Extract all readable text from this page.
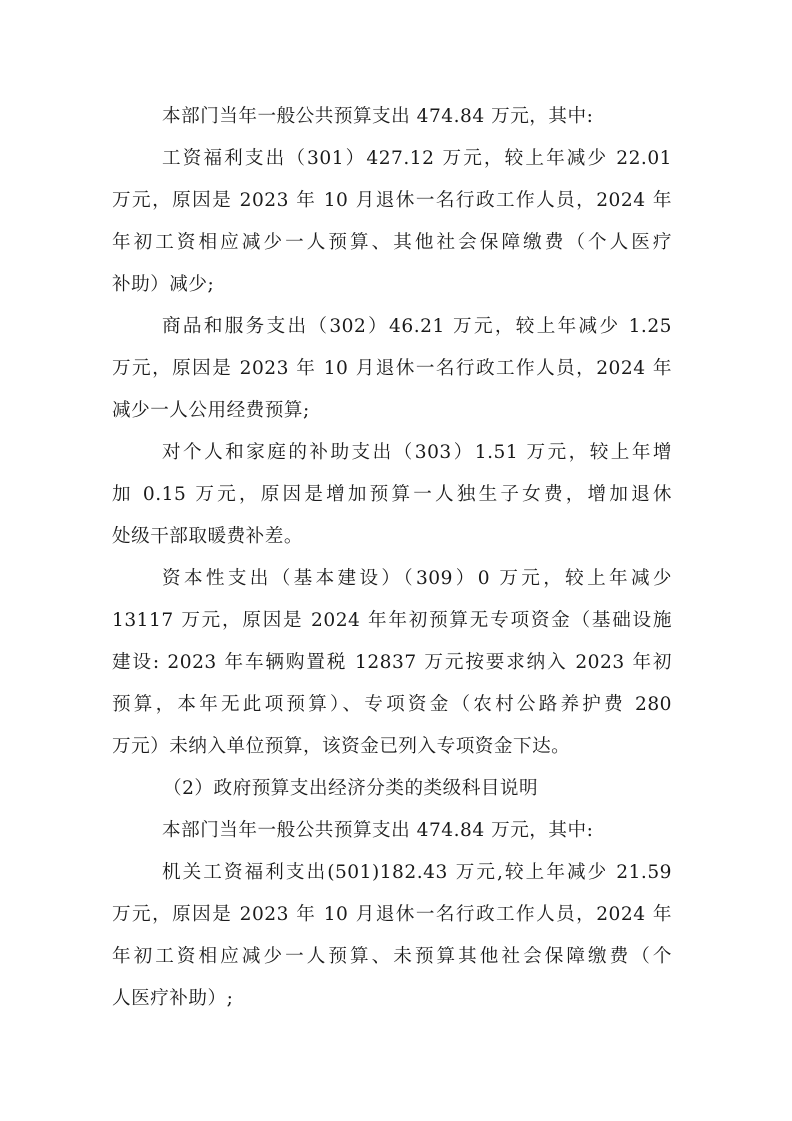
本部门当年一般公共预算支出 474.84 万元，其中:
工资福利支出（301）427.12 万元，较上年减少 22.01
万元，原因是 2023 年 10 月退休一名行政工作人员，2024 年
年初工资相应减少一人预算、其他社会保障缴费（个人医疗
补助）减少;
商品和服务支出（302）46.21 万元，较上年减少 1.25
万元，原因是 2023 年 10 月退休一名行政工作人员，2024 年
减少一人公用经费预算;
对个人和家庭的补助支出（303）1.51 万元，较上年增
加 0.15 万元，原因是增加预算一人独生子女费，增加退休
处级干部取暖费补差。
资本性支出（基本建设）（309）0 万元，较上年减少
13117 万元，原因是 2024 年年初预算无专项资金（基础设施
建设: 2023 年车辆购置税 12837 万元按要求纳入 2023 年初
预算，本年无此项预算）、专项资金（农村公路养护费 280
万元）未纳入单位预算，该资金已列入专项资金下达。
（2）政府预算支出经济分类的类级科目说明
本部门当年一般公共预算支出 474.84 万元，其中:
机关工资福利支出(501)182.43 万元,较上年减少 21.59
万元，原因是 2023 年 10 月退休一名行政工作人员，2024 年
年初工资相应减少一人预算、未预算其他社会保障缴费（个
人医疗补助）;
